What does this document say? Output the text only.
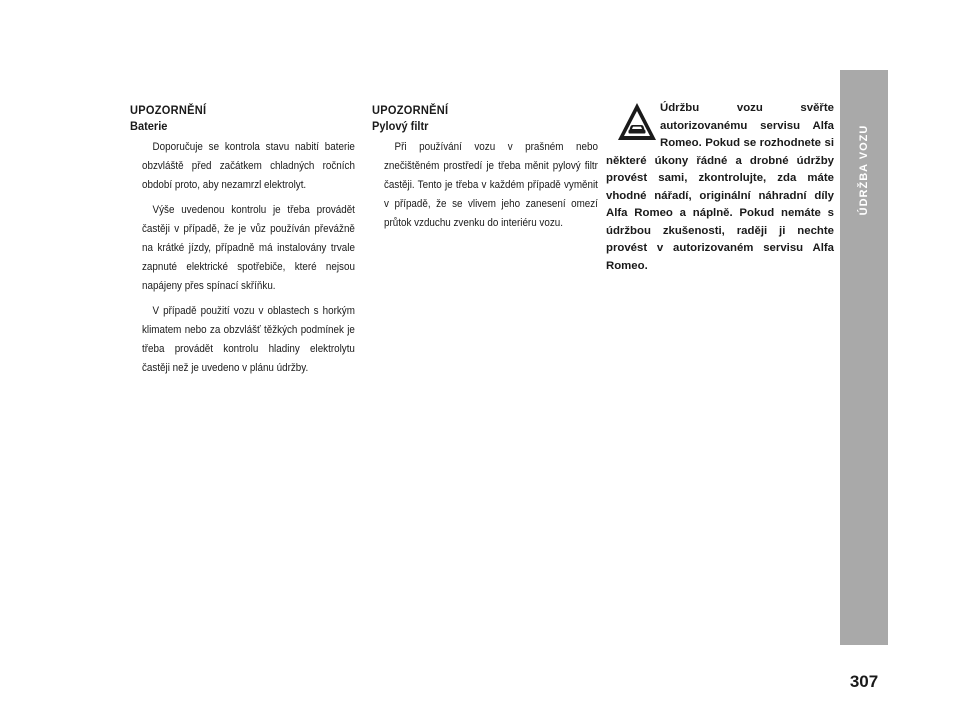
UPOZORNĚNÍ
Baterie

Doporučuje se kontrola stavu nabití baterie obzvláště před začátkem chladných ročních období proto, aby nezamrzl elektrolyt.

Výše uvedenou kontrolu je třeba provádět častěji v případě, že je vůz používán převážně na krátké jízdy, případně má instalovány trvale zapnuté elektrické spotřebiče, které nejsou napájeny přes spínací skříňku.

V případě použití vozu v oblastech s horkým klimatem nebo za obzvlášť těžkých podmínek je třeba provádět kontrolu hladiny elektrolytu častěji než je uvedeno v plánu údržby.

UPOZORNĚNÍ
Pylový filtr

Při používání vozu v prašném nebo znečištěném prostředí je třeba měnit pylový filtr častěji. Tento je třeba v každém případě vyměnit v případě, že se vlivem jeho zanesení omezí průtok vzduchu zvenku do interiéru vozu.

Údržbu vozu svěřte autorizovanému servisu Alfa Romeo. Pokud se rozhodnete si některé úkony řádné a drobné údržby provést sami, zkontrolujte, zda máte vhodné nářadí, originální náhradní díly Alfa Romeo a náplně. Pokud nemáte s údržbou zkušenosti, raději ji nechte provést v autorizovaném servisu Alfa Romeo.
ÚDRŽBA VOZU
307
